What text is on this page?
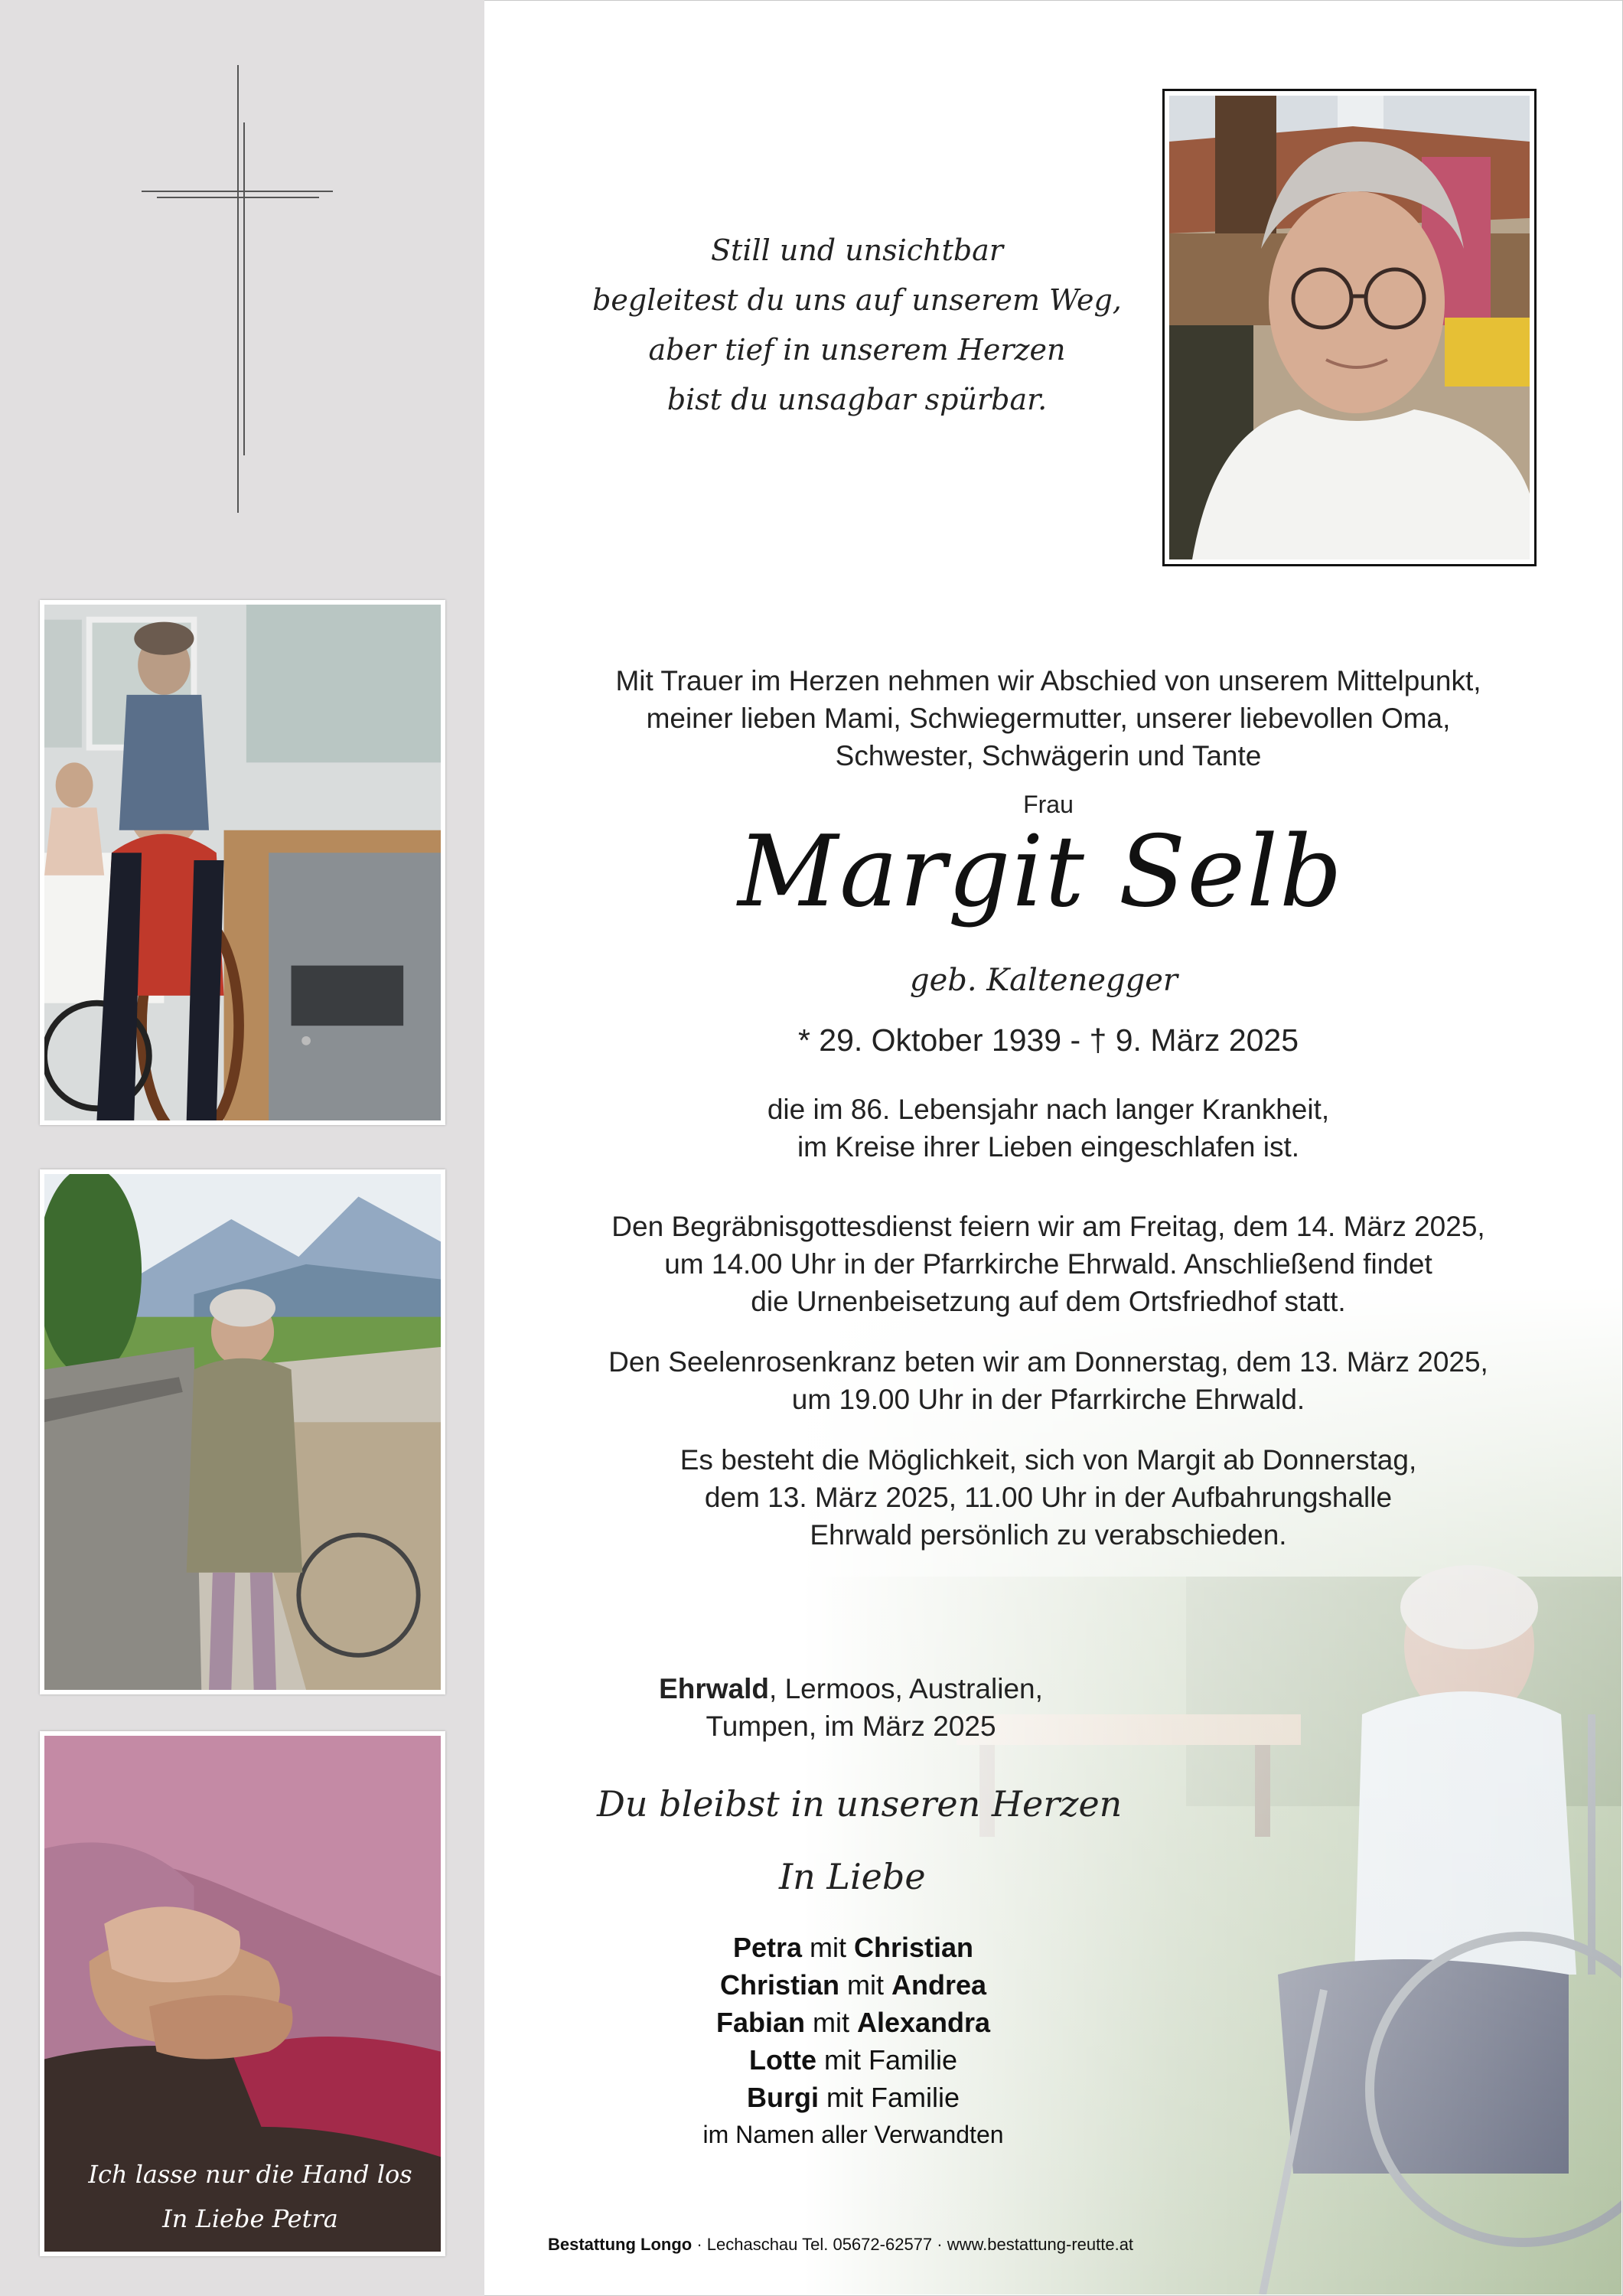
Ich lasse nur die Hand los
In Liebe Petra
Still und unsichtbar
begleitest du uns auf unserem Weg,
aber tief in unserem Herzen
bist du unsagbar spürbar.
Mit Trauer im Herzen nehmen wir Abschied von unserem Mittelpunkt,
meiner lieben Mami, Schwiegermutter, unserer liebevollen Oma,
Schwester, Schwägerin und Tante
Frau
Margit Selb
geb. Kaltenegger
* 29. Oktober 1939 - † 9. März 2025
die im 86. Lebensjahr nach langer Krankheit,
im Kreise ihrer Lieben eingeschlafen ist.
Den Begräbnisgottesdienst feiern wir am Freitag, dem 14. März 2025,
um 14.00 Uhr in der Pfarrkirche Ehrwald. Anschließend findet
die Urnenbeisetzung auf dem Ortsfriedhof statt.
Den Seelenrosenkranz beten wir am Donnerstag, dem 13. März 2025,
um 19.00 Uhr in der Pfarrkirche Ehrwald.
Es besteht die Möglichkeit, sich von Margit ab Donnerstag,
dem 13. März 2025, 11.00 Uhr in der Aufbahrungshalle
Ehrwald persönlich zu verabschieden.
Ehrwald, Lermoos, Australien,
Tumpen, im März 2025
Du bleibst in unseren Herzen
In Liebe
Petra mit Christian
Christian mit Andrea
Fabian mit Alexandra
Lotte mit Familie
Burgi mit Familie
im Namen aller Verwandten
Bestattung Longo · Lechaschau Tel. 05672-62577 · www.bestattung-reutte.at
